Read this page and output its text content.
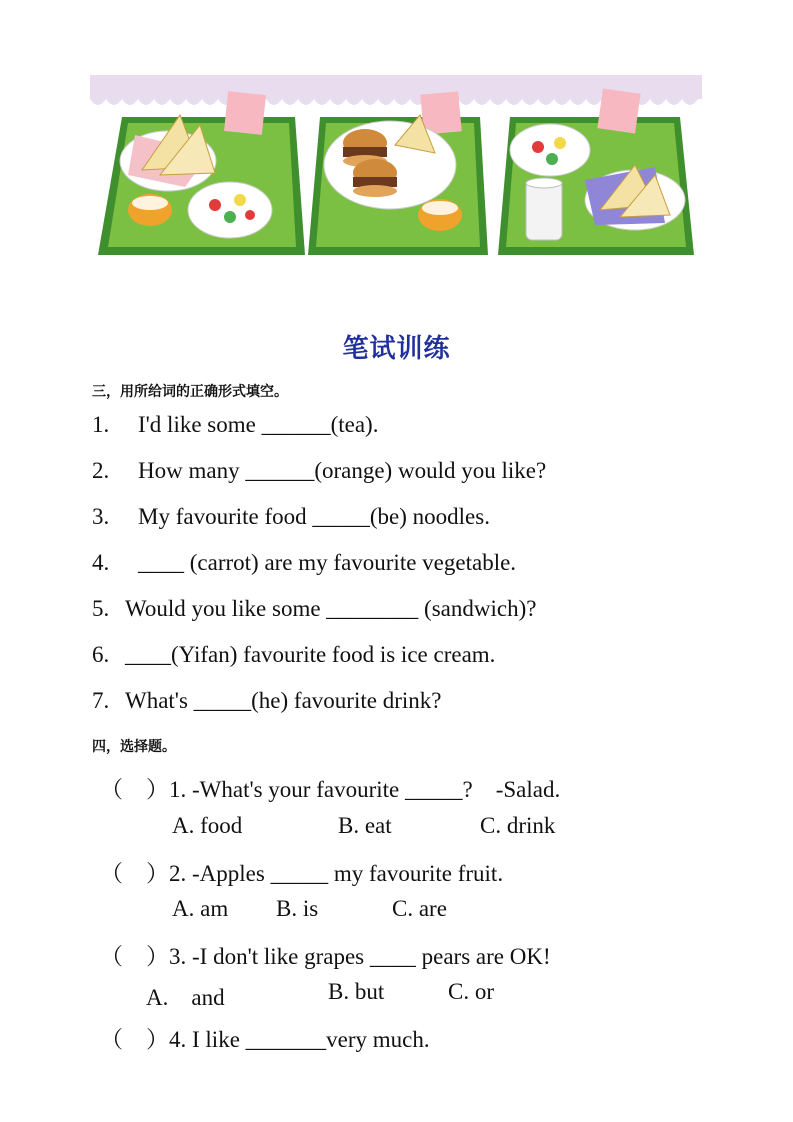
笔试训练
三，用所给词的正确形式填空。
1. I'd like some ______(tea).
2. How many ______(orange) would you like?
3. My favourite food _____(be) noodles.
4. ____ (carrot) are my favourite vegetable.
5. Would you like some ________ (sandwich)?
6. ____(Yifan) favourite food is ice cream.
7. What's _____(he) favourite drink?
四，选择题。
（　）1. -What's your favourite _____?　-Salad.
A. food	B. eat	C. drink
（　）2. -Apples _____ my favourite fruit.
A. am B. is	C. are
（　）3. -I don't like grapes ____ pears are OK!
A.　and	B. but	C. or
（　）4. I like _______very much.
